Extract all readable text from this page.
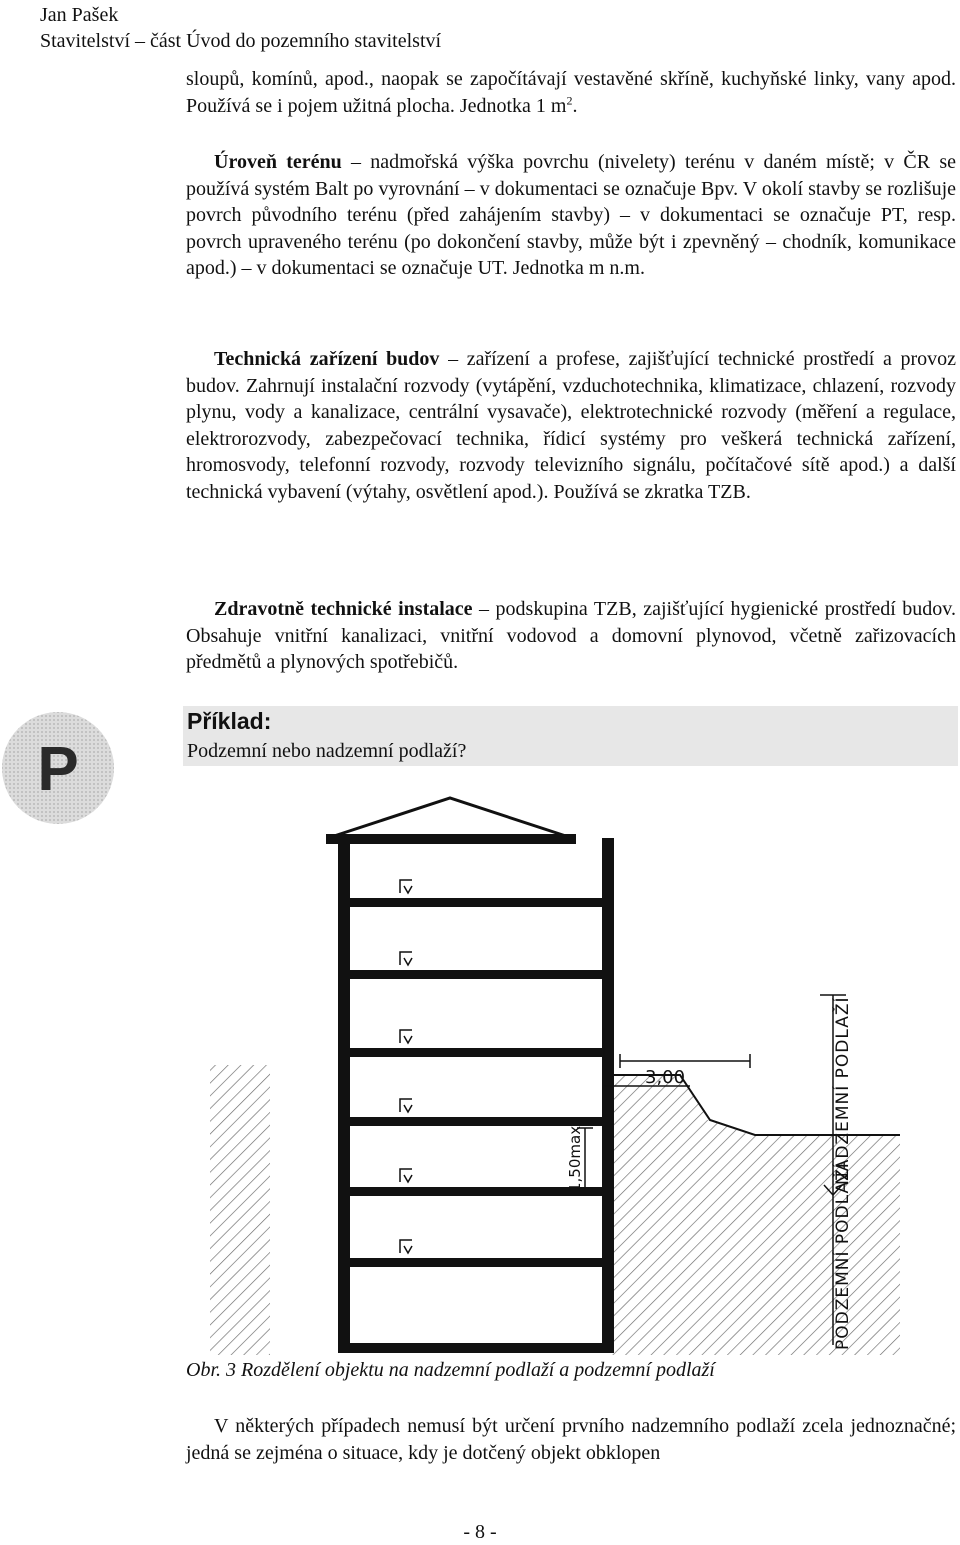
Jan Pašek
Stavitelství – část Úvod do pozemního stavitelství

sloupů, komínů, apod., naopak se započítávají vestavěné skříně, kuchyňské linky, vany apod. Používá se i pojem užitná plocha. Jednotka 1 $m^2$.

Úroveň terénu – nadmořská výška povrchu (nivelety) terénu v daném místě; v ČR se používá systém Balt po vyrovnání – v dokumentaci se označuje Bpv. V okolí stavby se rozlišuje povrch původního terénu (před zahájením stavby) – v dokumentaci se označuje PT, resp. povrch upraveného terénu (po dokončení stavby, může být i zpevněný – chodník, komunikace apod.) – v dokumentaci se označuje UT. Jednotka m n.m.

Technická zařízení budov – zařízení a profese, zajišťující technické prostředí a provoz budov. Zahrnují instalační rozvody (vytápění, vzduchotechnika, klimatizace, chlazení, rozvody plynu, vody a kanalizace, centrální vysavače), elektrotechnické rozvody (měření a regulace, elektrorozvody, zabezpečovací technika, řídicí systémy pro veškerá technická zařízení, hromosvody, telefonní rozvody, rozvody televizního signálu, počítačové sítě apod.) a další technická vybavení (výtahy, osvětlení apod.). Používá se zkratka TZB.

Zdravotně technické instalace – podskupina TZB, zajišťující hygienické prostředí budov. Obsahuje vnitřní kanalizaci, vnitřní vodovod a domovní plynovod, včetně zařizovacích předmětů a plynových spotřebičů.

P
Příklad:
Podzemní nebo nadzemní podlaží?
3,00
1,50max	NADZEMNÍ PODLAŽÍ
PODZEMNÍ PODLAŽÍ
Obr. 3 Rozdělení objektu na nadzemní podlaží a podzemní podlaží

V některých případech nemusí být určení prvního nadzemního podlaží zcela jednoznačné; jedná se zejména o situace, kdy je dotčený objekt obklopen

- 8 -
